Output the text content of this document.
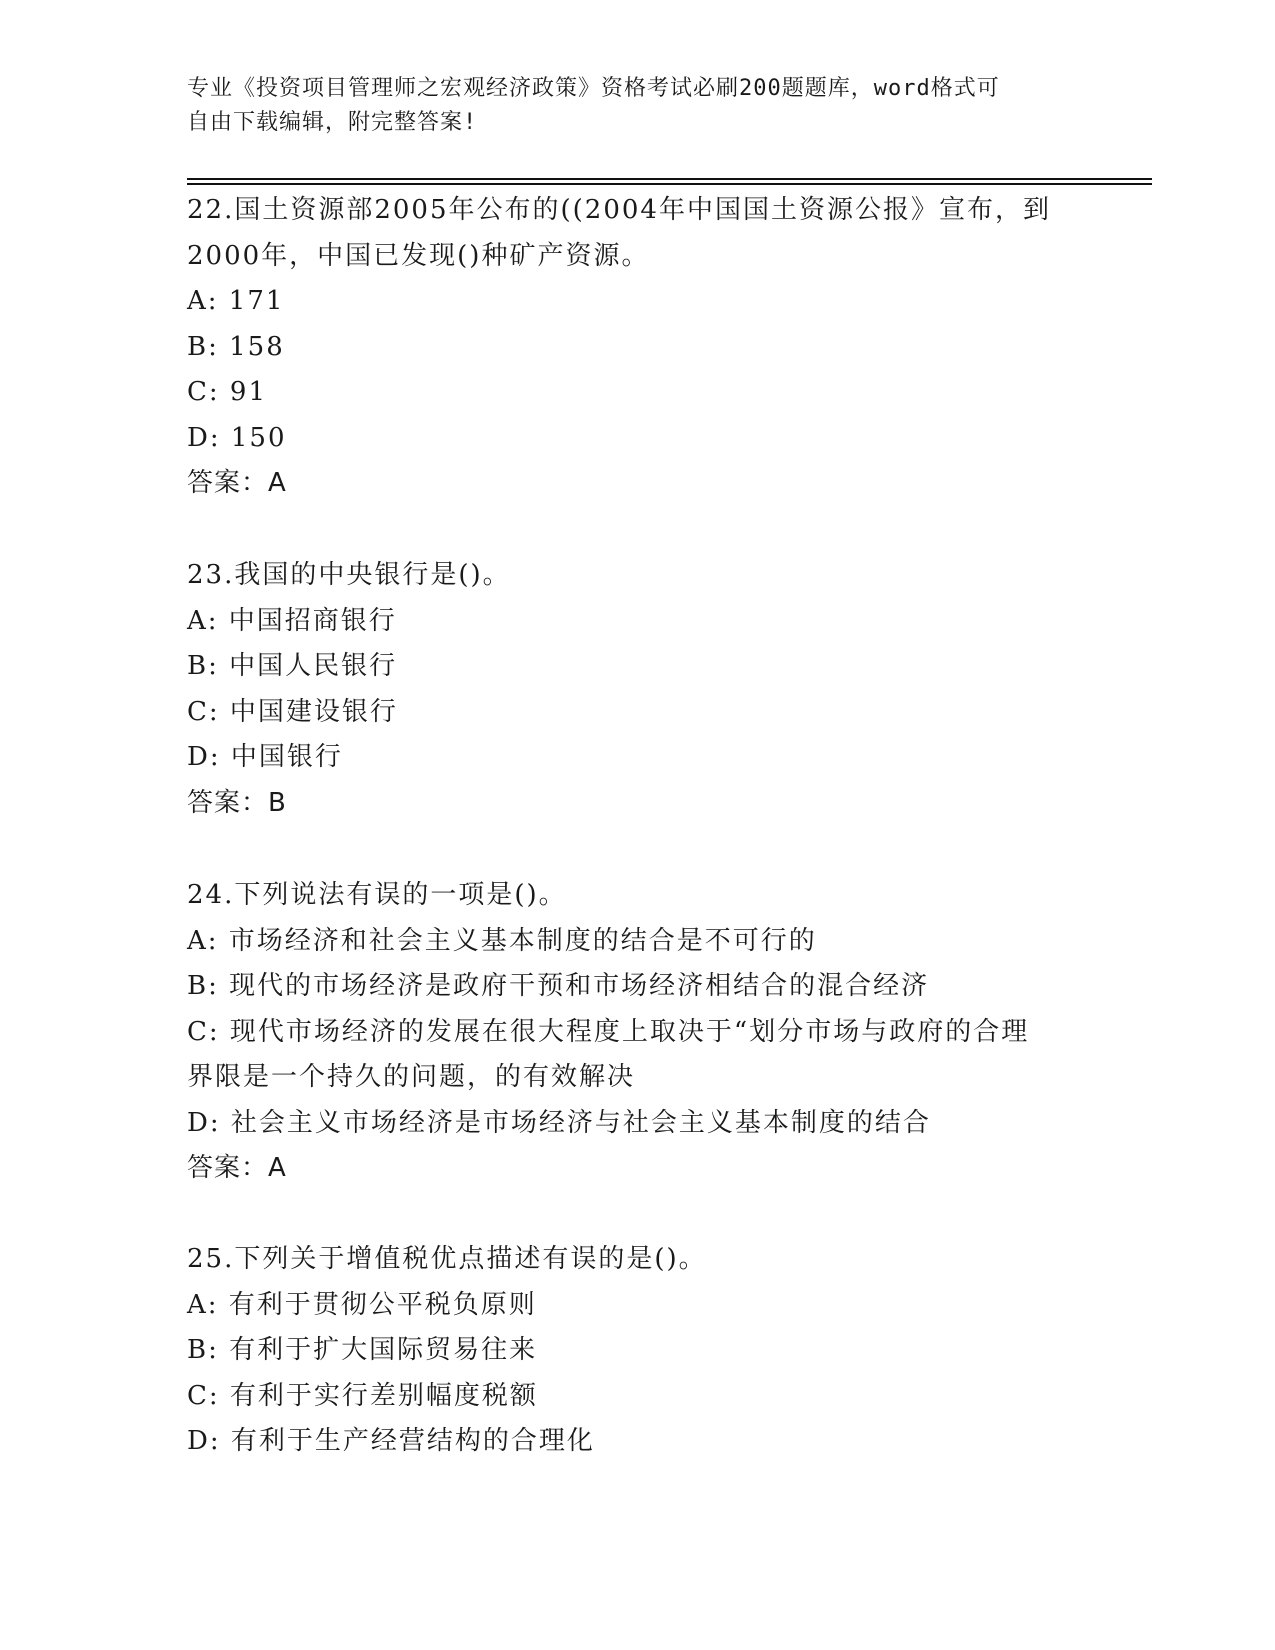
专业《投资项目管理师之宏观经济政策》资格考试必刷200题题库，word格式可
自由下载编辑，附完整答案!
22.国土资源部2005年公布的((2004年中国国土资源公报》宣布，到
2000年，中国已发现()种矿产资源。
A: 171
B: 158
C: 91
D: 150
答案：A
23.我国的中央银行是()。
A: 中国招商银行
B: 中国人民银行
C: 中国建设银行
D: 中国银行
答案：B
24.下列说法有误的一项是()。
A: 市场经济和社会主义基本制度的结合是不可行的
B: 现代的市场经济是政府干预和市场经济相结合的混合经济
C: 现代市场经济的发展在很大程度上取决于“划分市场与政府的合理
界限是一个持久的问题，的有效解决
D: 社会主义市场经济是市场经济与社会主义基本制度的结合
答案：A
25.下列关于增值税优点描述有误的是()。
A: 有利于贯彻公平税负原则
B: 有利于扩大国际贸易往来
C: 有利于实行差别幅度税额
D: 有利于生产经营结构的合理化
